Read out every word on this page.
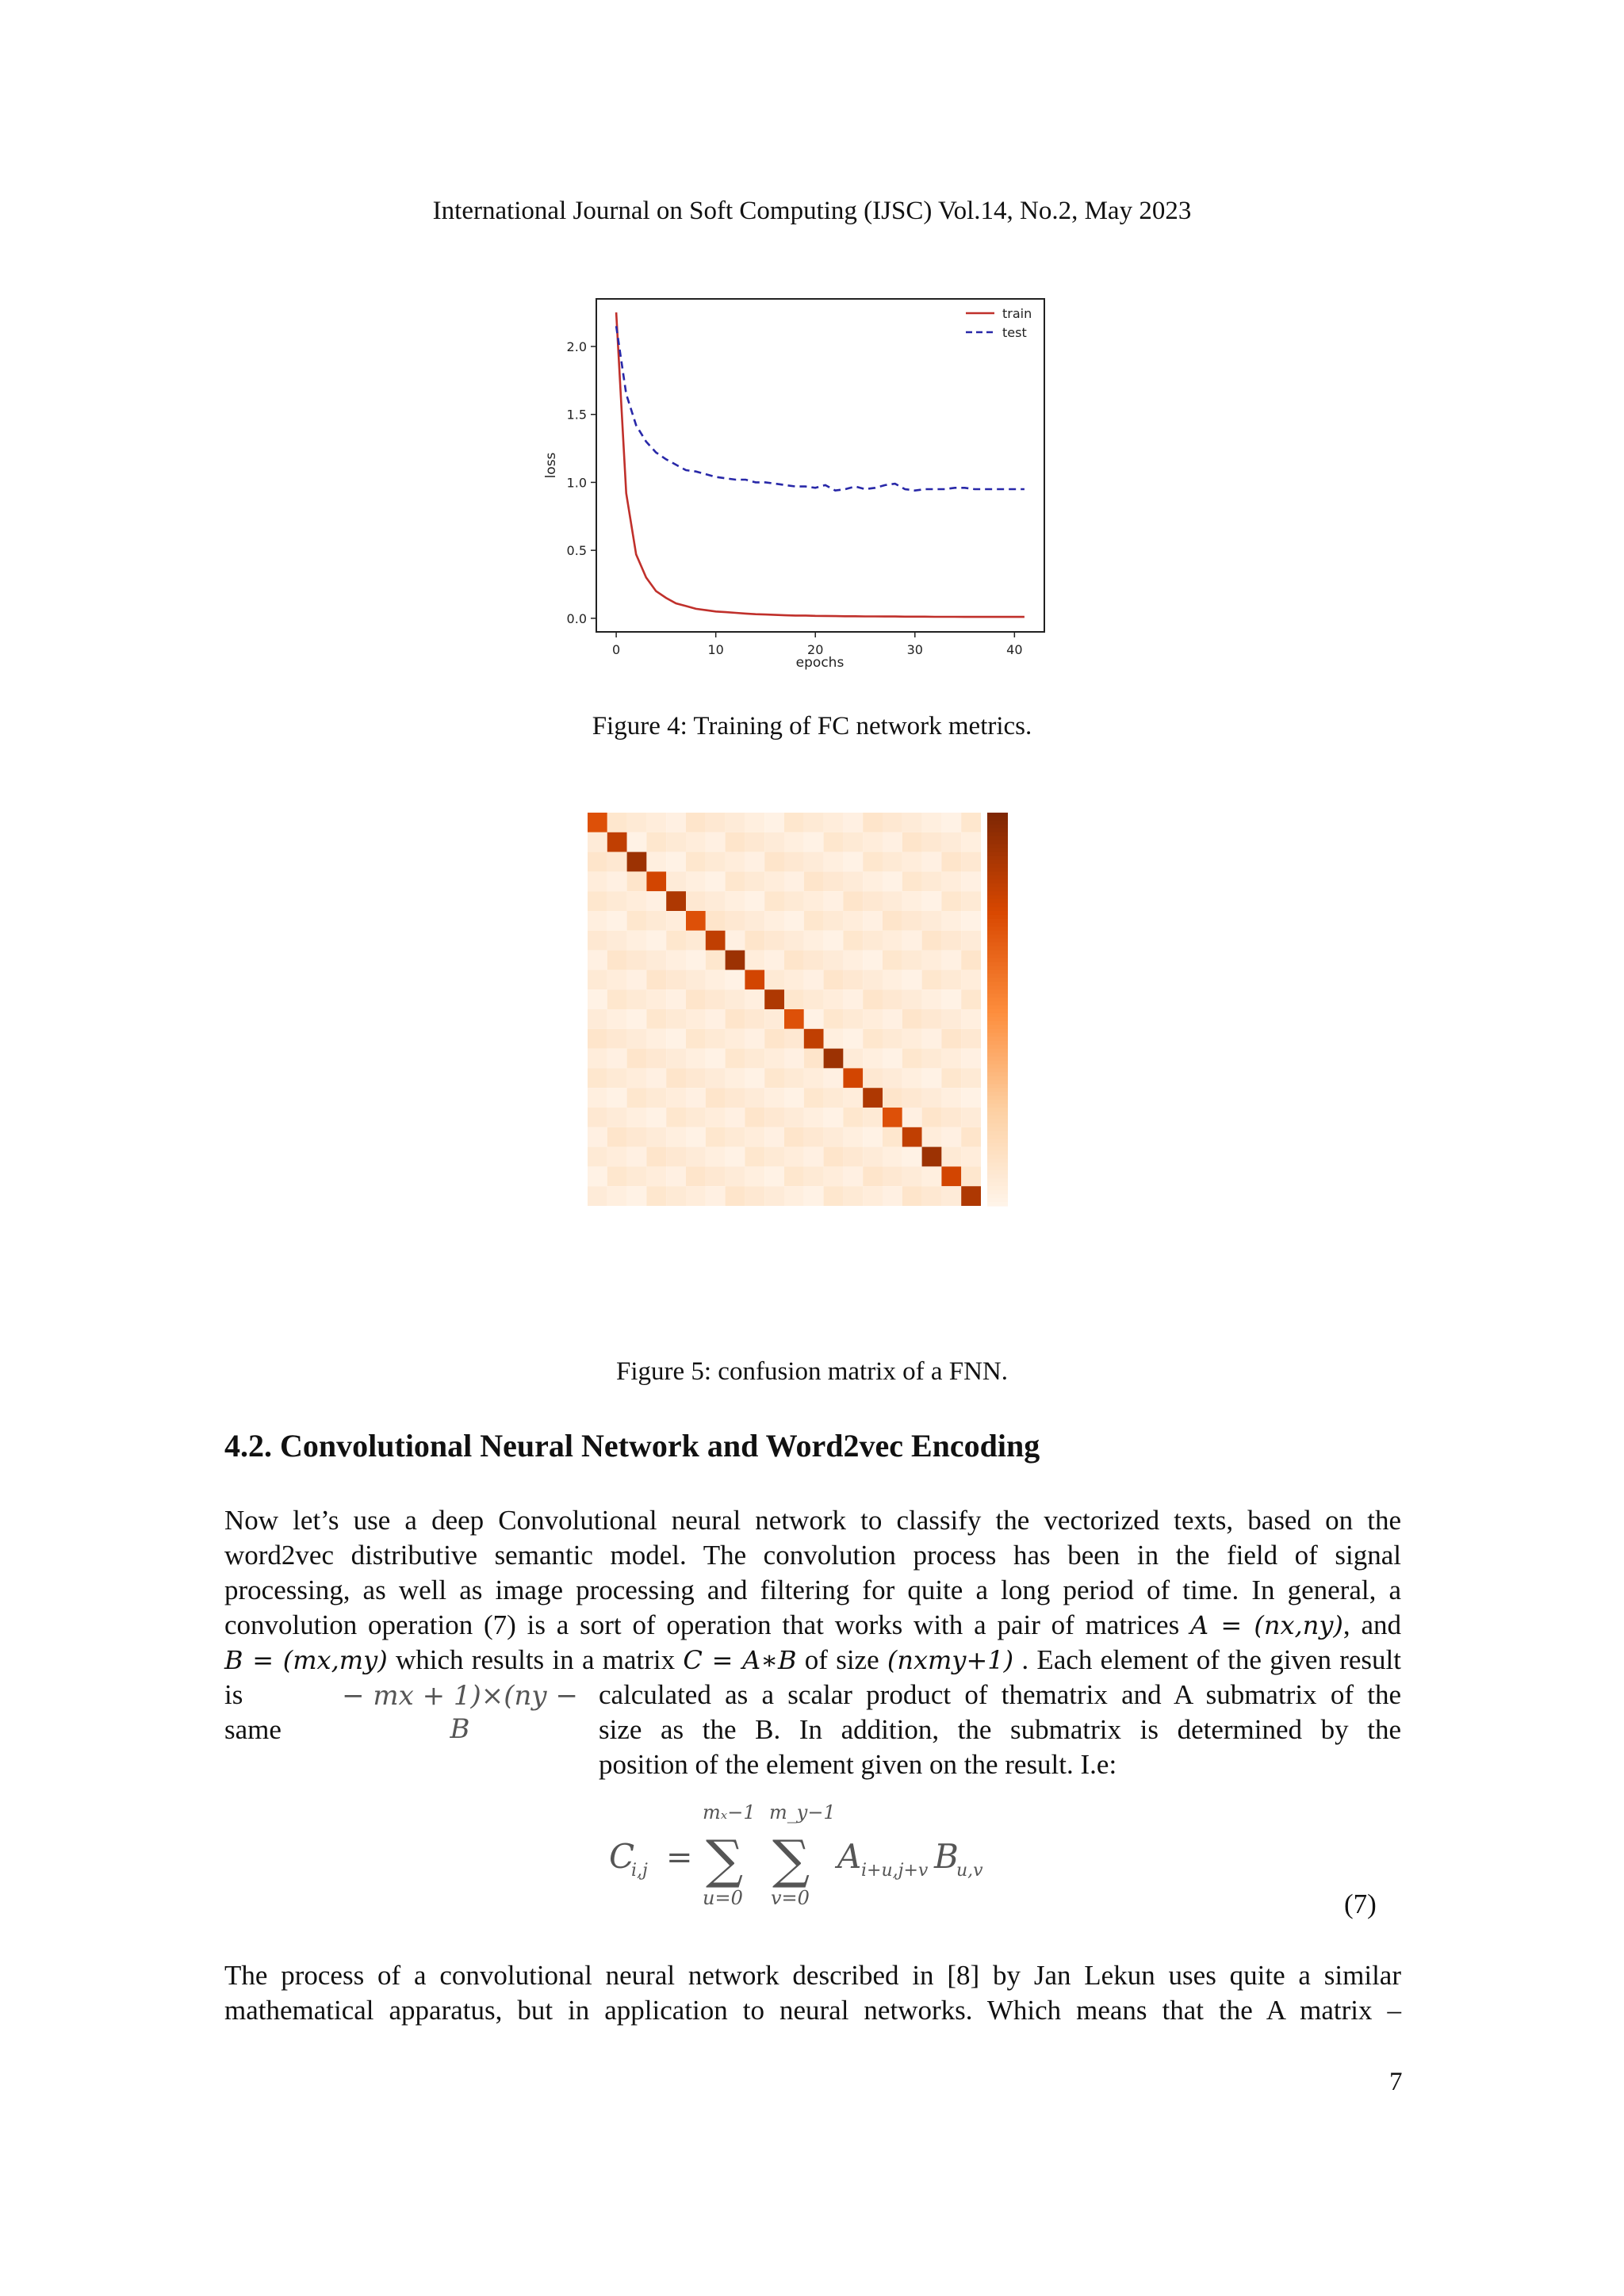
International Journal on Soft Computing (IJSC) Vol.14, No.2, May 2023
0.0
0.5
1.0
1.5
2.0
0	10	20	30	40
train
test
epochs
loss
Figure 4: Training of FC network metrics.
Figure 5: confusion matrix of a FNN.
4.2. Convolutional Neural Network and Word2vec Encoding
Now let’s use a deep Convolutional neural network to classify the vectorized texts, based on the
word2vec distributive semantic model. The convolution process has been in the field of signal
processing, as well as image processing and filtering for quite a long period of time. In general, a
convolution operation (7) is a sort of operation that works with a pair of matrices A = (nx,ny), and
B = (mx,my) which results in a matrix C = A∗B of size (nxmy+1) . Each element of the given result
is
same
− mx + 1)×(ny −
B
calculated as a scalar product of thematrix and A submatrix of the
size as the B. In addition, the submatrix is determined by the
position of the element given on the result. I.e:
C
i,j =
mₓ−1
∑
u=0
m_y−1
∑
v=0
A i+u,j+v B
u,v
(7)
The process of a convolutional neural network described in [8] by Jan Lekun uses quite a similar
mathematical apparatus, but in application to neural networks. Which means that the A matrix –
7
